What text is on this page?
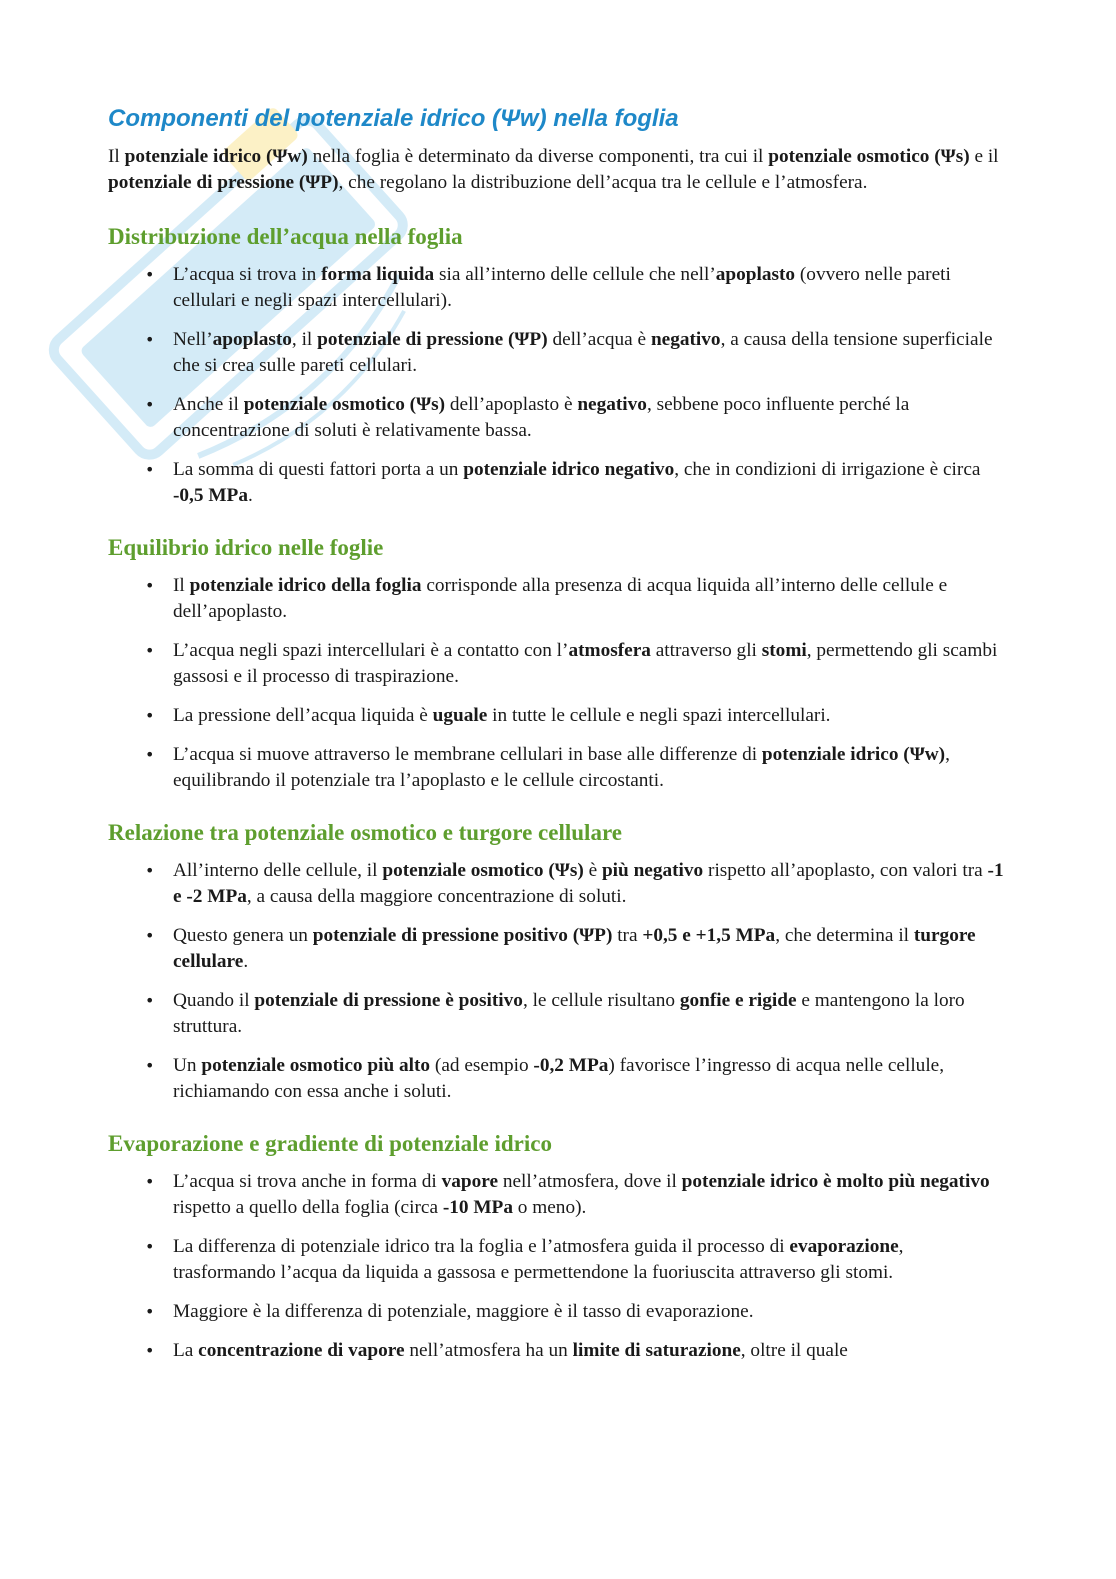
Componenti del potenziale idrico (Ψw) nella foglia

Il potenziale idrico (Ψw) nella foglia è determinato da diverse componenti, tra cui il potenziale osmotico (Ψs) e il potenziale di pressione (ΨP), che regolano la distribuzione dell’acqua tra le cellule e l’atmosfera.

Distribuzione dell’acqua nella foglia
• L’acqua si trova in forma liquida sia all’interno delle cellule che nell’apoplasto (ovvero nelle pareti cellulari e negli spazi intercellulari).
• Nell’apoplasto, il potenziale di pressione (ΨP) dell’acqua è negativo, a causa della tensione superficiale che si crea sulle pareti cellulari.
• Anche il potenziale osmotico (Ψs) dell’apoplasto è negativo, sebbene poco influente perché la concentrazione di soluti è relativamente bassa.
• La somma di questi fattori porta a un potenziale idrico negativo, che in condizioni di irrigazione è circa -0,5 MPa.
Equilibrio idrico nelle foglie
• Il potenziale idrico della foglia corrisponde alla presenza di acqua liquida all’interno delle cellule e dell’apoplasto.
• L’acqua negli spazi intercellulari è a contatto con l’atmosfera attraverso gli stomi, permettendo gli scambi gassosi e il processo di traspirazione.
• La pressione dell’acqua liquida è uguale in tutte le cellule e negli spazi intercellulari.
• L’acqua si muove attraverso le membrane cellulari in base alle differenze di potenziale idrico (Ψw), equilibrando il potenziale tra l’apoplasto e le cellule circostanti.
Relazione tra potenziale osmotico e turgore cellulare
• All’interno delle cellule, il potenziale osmotico (Ψs) è più negativo rispetto all’apoplasto, con valori tra -1 e -2 MPa, a causa della maggiore concentrazione di soluti.
• Questo genera un potenziale di pressione positivo (ΨP) tra +0,5 e +1,5 MPa, che determina il turgore cellulare.
• Quando il potenziale di pressione è positivo, le cellule risultano gonfie e rigide e mantengono la loro struttura.
• Un potenziale osmotico più alto (ad esempio -0,2 MPa) favorisce l’ingresso di acqua nelle cellule, richiamando con essa anche i soluti.
Evaporazione e gradiente di potenziale idrico
• L’acqua si trova anche in forma di vapore nell’atmosfera, dove il potenziale idrico è molto più negativo rispetto a quello della foglia (circa -10 MPa o meno).
• La differenza di potenziale idrico tra la foglia e l’atmosfera guida il processo di evaporazione, trasformando l’acqua da liquida a gassosa e permettendone la fuoriuscita attraverso gli stomi.
• Maggiore è la differenza di potenziale, maggiore è il tasso di evaporazione.
• La concentrazione di vapore nell’atmosfera ha un limite di saturazione, oltre il quale
